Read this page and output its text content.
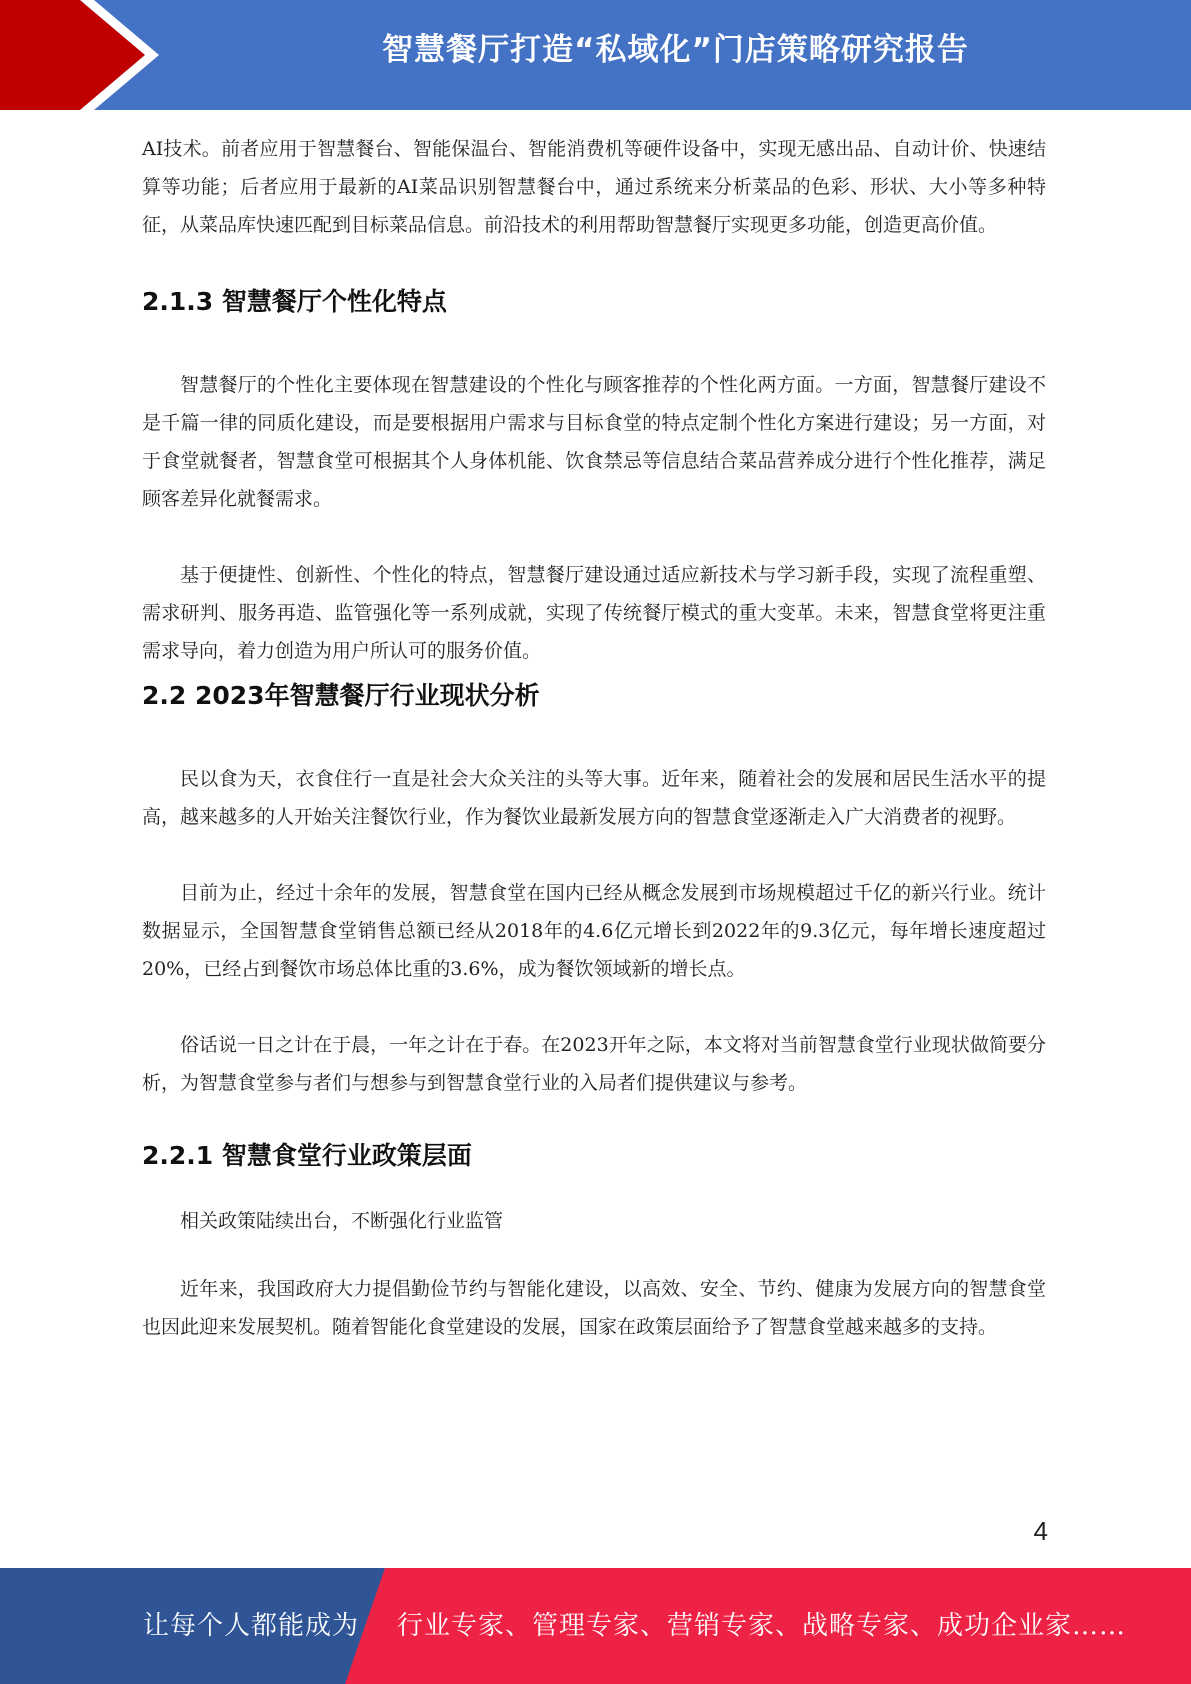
智慧餐厅打造“私域化”门店策略研究报告

AI技术。前者应用于智慧餐台、智能保温台、智能消费机等硬件设备中，实现无感出品、自动计价、快速结算等功能；后者应用于最新的AI菜品识别智慧餐台中，通过系统来分析菜品的色彩、形状、大小等多种特征，从菜品库快速匹配到目标菜品信息。前沿技术的利用帮助智慧餐厅实现更多功能，创造更高价值。

2.1.3 智慧餐厅个性化特点

智慧餐厅的个性化主要体现在智慧建设的个性化与顾客推荐的个性化两方面。一方面，智慧餐厅建设不是千篇一律的同质化建设，而是要根据用户需求与目标食堂的特点定制个性化方案进行建设；另一方面，对于食堂就餐者，智慧食堂可根据其个人身体机能、饮食禁忌等信息结合菜品营养成分进行个性化推荐，满足顾客差异化就餐需求。

基于便捷性、创新性、个性化的特点，智慧餐厅建设通过适应新技术与学习新手段，实现了流程重塑、需求研判、服务再造、监管强化等一系列成就，实现了传统餐厅模式的重大变革。未来，智慧食堂将更注重需求导向，着力创造为用户所认可的服务价值。

2.2 2023年智慧餐厅行业现状分析

民以食为天，衣食住行一直是社会大众关注的头等大事。近年来，随着社会的发展和居民生活水平的提高，越来越多的人开始关注餐饮行业，作为餐饮业最新发展方向的智慧食堂逐渐走入广大消费者的视野。

目前为止，经过十余年的发展，智慧食堂在国内已经从概念发展到市场规模超过千亿的新兴行业。统计数据显示，全国智慧食堂销售总额已经从2018年的4.6亿元增长到2022年的9.3亿元，每年增长速度超过20%，已经占到餐饮市场总体比重的3.6%，成为餐饮领域新的增长点。

俗话说一日之计在于晨，一年之计在于春。在2023开年之际，本文将对当前智慧食堂行业现状做简要分析，为智慧食堂参与者们与想参与到智慧食堂行业的入局者们提供建议与参考。

2.2.1 智慧食堂行业政策层面

相关政策陆续出台，不断强化行业监管

近年来，我国政府大力提倡勤俭节约与智能化建设，以高效、安全、节约、健康为发展方向的智慧食堂也因此迎来发展契机。随着智能化食堂建设的发展，国家在政策层面给予了智慧食堂越来越多的支持。

4
让每个人都能成为 行业专家、管理专家、营销专家、战略专家、成功企业家……
